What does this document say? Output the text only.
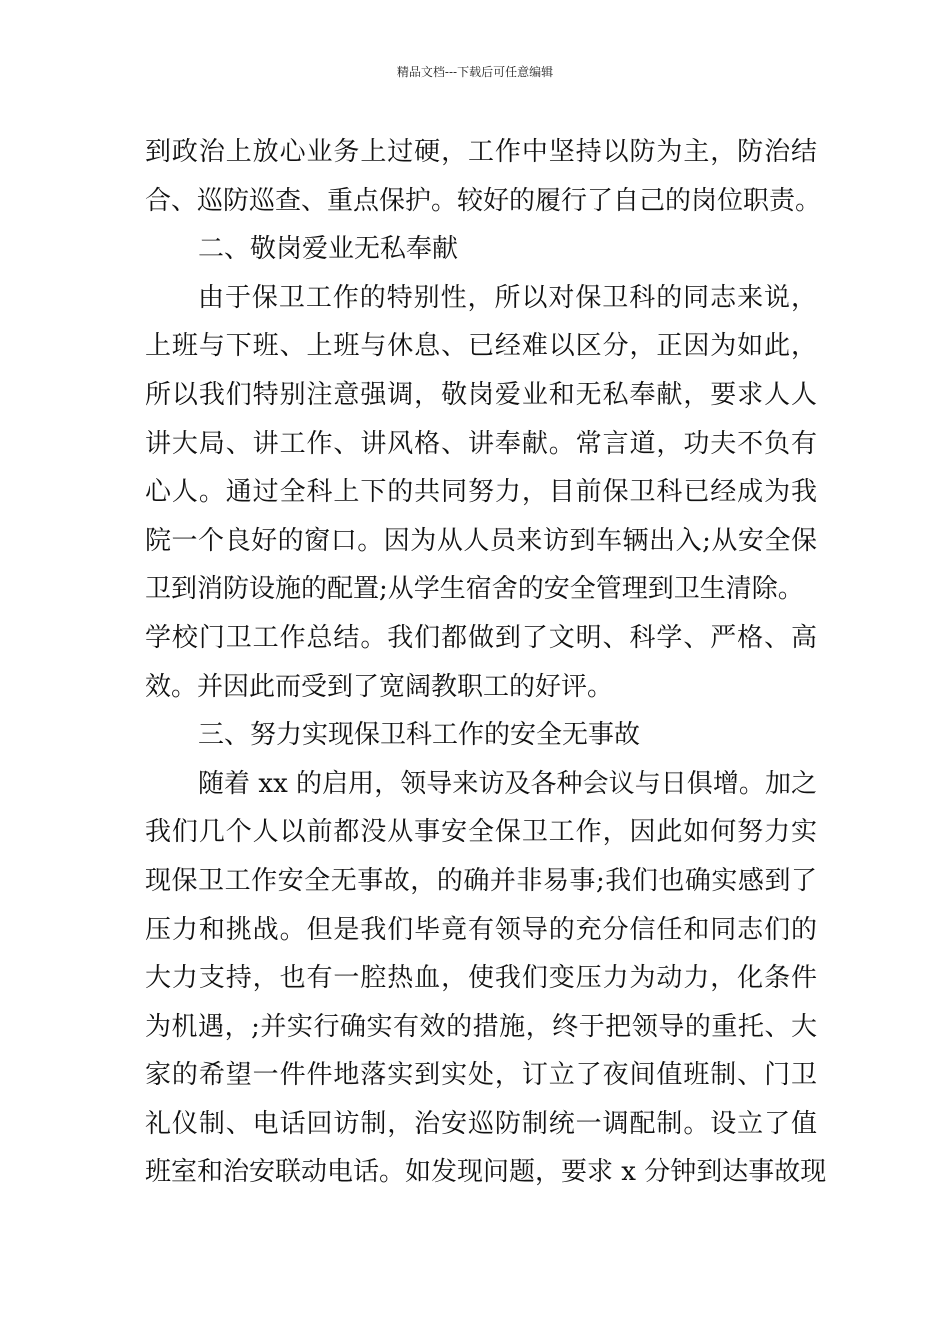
精品文档---下载后可任意编辑
到政治上放心业务上过硬，工作中坚持以防为主，防治结
合、巡防巡查、重点保护。较好的履行了自己的岗位职责。
二、敬岗爱业无私奉献
由于保卫工作的特别性，所以对保卫科的同志来说，
上班与下班、上班与休息、已经难以区分，正因为如此，
所以我们特别注意强调，敬岗爱业和无私奉献，要求人人
讲大局、讲工作、讲风格、讲奉献。常言道，功夫不负有
心人。通过全科上下的共同努力，目前保卫科已经成为我
院一个良好的窗口。因为从人员来访到车辆出入;从安全保
卫到消防设施的配置;从学生宿舍的安全管理到卫生清除。
学校门卫工作总结。我们都做到了文明、科学、严格、高
效。并因此而受到了宽阔教职工的好评。
三、努力实现保卫科工作的安全无事故
随着 xx 的启用，领导来访及各种会议与日俱增。加之
我们几个人以前都没从事安全保卫工作，因此如何努力实
现保卫工作安全无事故，的确并非易事;我们也确实感到了
压力和挑战。但是我们毕竟有领导的充分信任和同志们的
大力支持，也有一腔热血，使我们变压力为动力，化条件
为机遇，;并实行确实有效的措施，终于把领导的重托、大
家的希望一件件地落实到实处，订立了夜间值班制、门卫
礼仪制、电话回访制，治安巡防制统一调配制。设立了值
班室和治安联动电话。如发现问题，要求 x 分钟到达事故现
